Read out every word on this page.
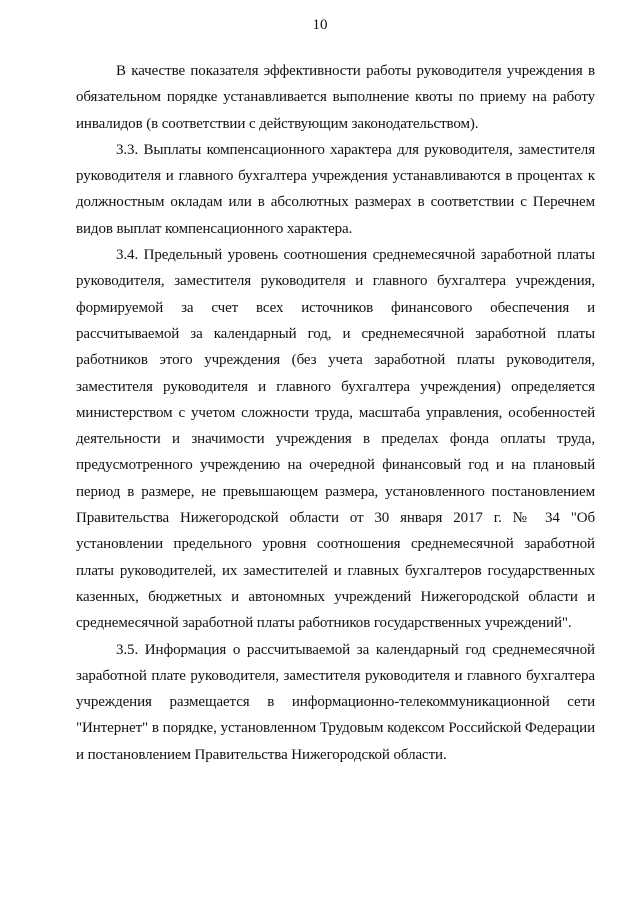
10

В качестве показателя эффективности работы руководителя учреждения в обязательном порядке устанавливается выполнение квоты по приему на работу инвалидов (в соответствии с действующим законодательством).

3.3. Выплаты компенсационного характера для руководителя, заместителя руководителя и главного бухгалтера учреждения устанавливаются в процентах к должностным окладам или в абсолютных размерах в соответствии с Перечнем видов выплат компенсационного характера.

3.4. Предельный уровень соотношения среднемесячной заработной платы руководителя, заместителя руководителя и главного бухгалтера учреждения, формируемой за счет всех источников финансового обеспечения и рассчитываемой за календарный год, и среднемесячной заработной платы работников этого учреждения (без учета заработной платы руководителя, заместителя руководителя и главного бухгалтера учреждения) определяется министерством с учетом сложности труда, масштаба управления, особенностей деятельности и значимости учреждения в пределах фонда оплаты труда, предусмотренного учреждению на очередной финансовый год и на плановый период в размере, не превышающем размера, установленного постановлением Правительства Нижегородской области от 30 января 2017 г. № 34 "Об установлении предельного уровня соотношения среднемесячной заработной платы руководителей, их заместителей и главных бухгалтеров государственных казенных, бюджетных и автономных учреждений Нижегородской области и среднемесячной заработной платы работников государственных учреждений".

3.5. Информация о рассчитываемой за календарный год среднемесячной заработной плате руководителя, заместителя руководителя и главного бухгалтера учреждения размещается в информационно-телекоммуникационной сети "Интернет" в порядке, установленном Трудовым кодексом Российской Федерации и постановлением Правительства Нижегородской области.
